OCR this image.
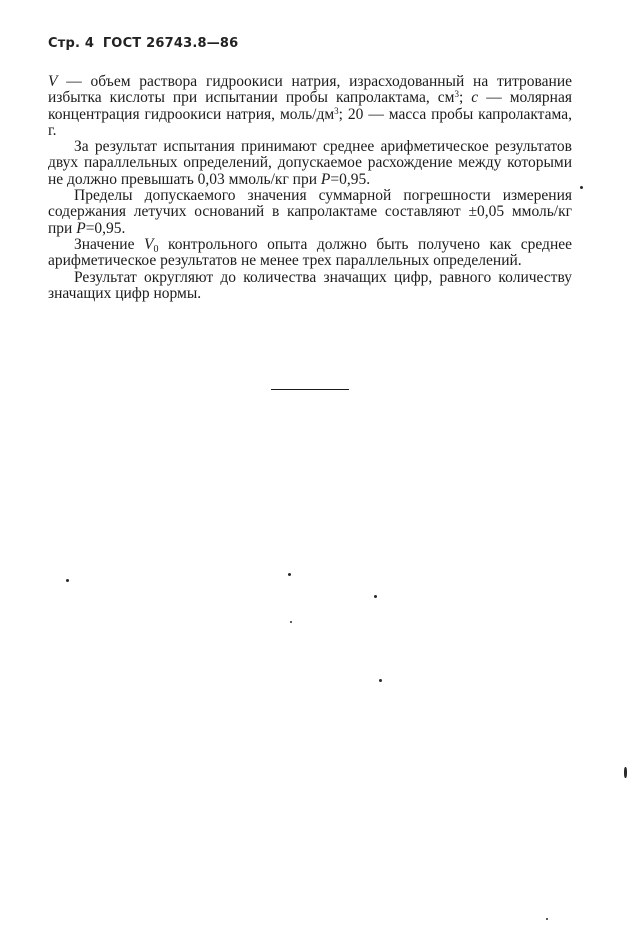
Стр. 4 ГОСТ 26743.8—86

V — объем раствора гидроокиси натрия, израсходованный на титрование избытка кислоты при испытании пробы капролактама, $см^3$; c — молярная концентрация гидроокиси натрия, моль/$дм^3$; 20 — масса пробы капролактама, г.

За результат испытания принимают среднее арифметическое результатов двух параллельных определений, допускаемое расхождение между которыми не должно превышать 0,03 ммоль/кг при P=0,95.

Пределы допускаемого значения суммарной погрешности измерения содержания летучих оснований в капролактаме составляют ±0,05 ммоль/кг при P=0,95.

Значение $V_0$ контрольного опыта должно быть получено как среднее арифметическое результатов не менее трех параллельных определений.

Результат округляют до количества значащих цифр, равного количеству значащих цифр нормы.
